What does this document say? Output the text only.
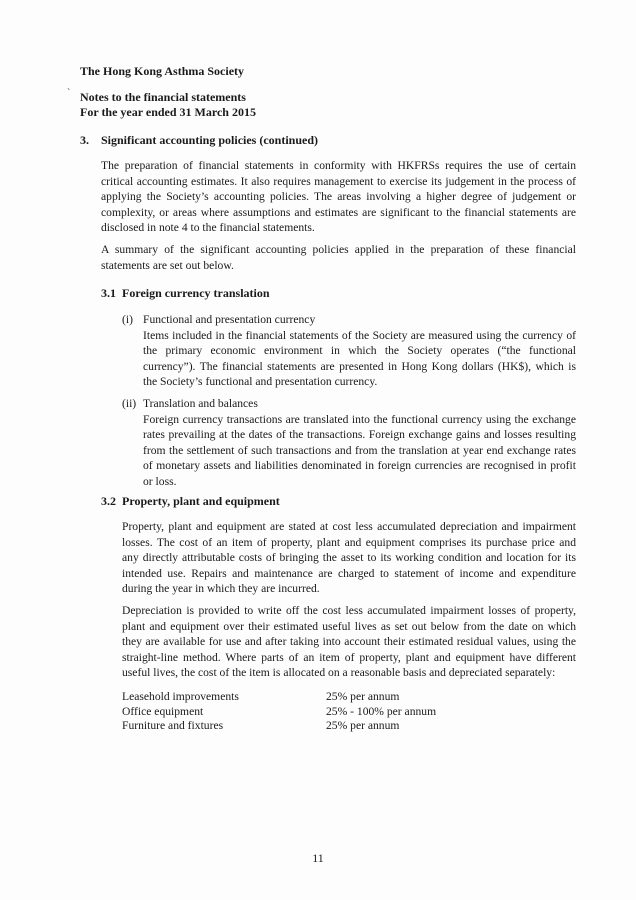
The Hong Kong Asthma Society
` Notes to the financial statements
For the year ended 31 March 2015
3. Significant accounting policies (continued)
The preparation of financial statements in conformity with HKFRSs requires the use of certain
critical accounting estimates. It also requires management to exercise its judgement in the process of
applying the Society’s accounting policies. The areas involving a higher degree of judgement or
complexity, or areas where assumptions and estimates are significant to the financial statements are
disclosed in note 4 to the financial statements.
A summary of the significant accounting policies applied in the preparation of these financial
statements are set out below.
3.1  Foreign currency translation
(i) Functional and presentation currency
Items included in the financial statements of the Society are measured using the currency of
the primary economic environment in which the Society operates (“the functional
currency”). The financial statements are presented in Hong Kong dollars (HK$), which is
the Society’s functional and presentation currency.
(ii) Translation and balances
Foreign currency transactions are translated into the functional currency using the exchange
rates prevailing at the dates of the transactions. Foreign exchange gains and losses resulting
from the settlement of such transactions and from the translation at year end exchange rates
of monetary assets and liabilities denominated in foreign currencies are recognised in profit
or loss.
3.2  Property, plant and equipment
Property, plant and equipment are stated at cost less accumulated depreciation and impairment
losses. The cost of an item of property, plant and equipment comprises its purchase price and
any directly attributable costs of bringing the asset to its working condition and location for its
intended use. Repairs and maintenance are charged to statement of income and expenditure
during the year in which they are incurred.
Depreciation is provided to write off the cost less accumulated impairment losses of property,
plant and equipment over their estimated useful lives as set out below from the date on which
they are available for use and after taking into account their estimated residual values, using the
straight-line method. Where parts of an item of property, plant and equipment have different
useful lives, the cost of the item is allocated on a reasonable basis and depreciated separately:
Leasehold improvements	25% per annum
Office equipment	25% - 100% per annum
Furniture and fixtures	25% per annum
11
